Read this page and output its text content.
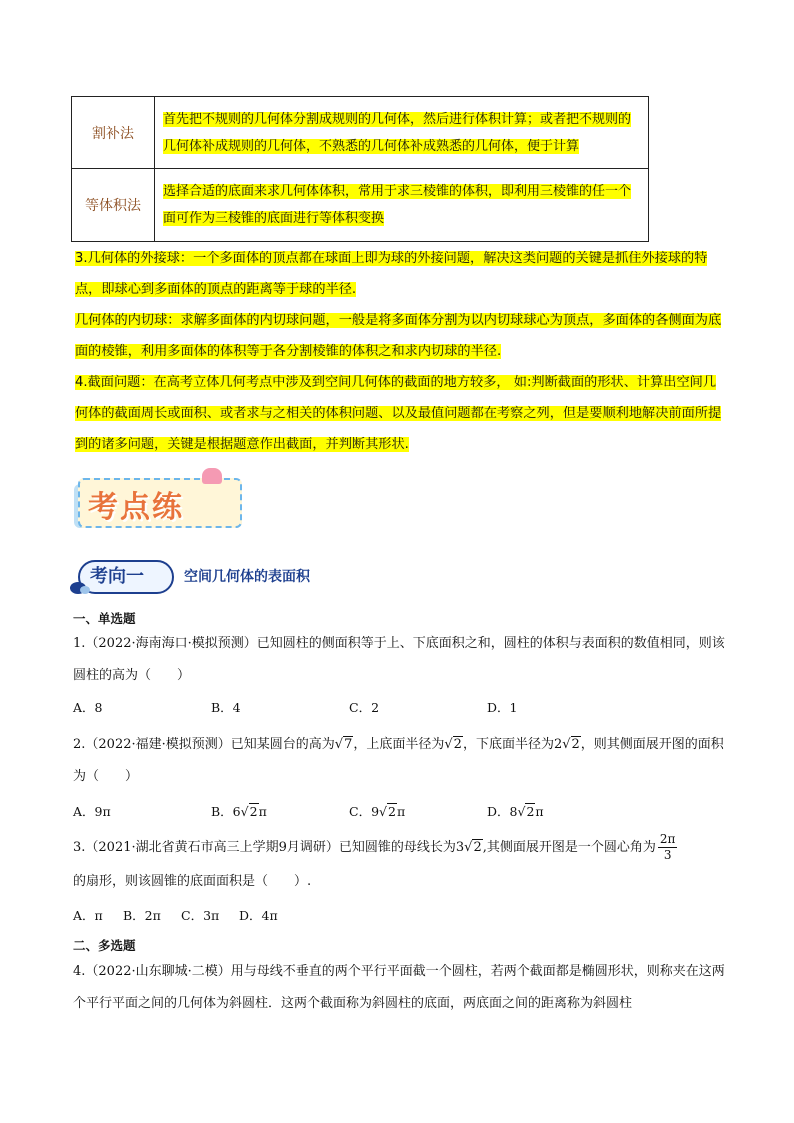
割补法	首先把不规则的几何体分割成规则的几何体，然后进行体积计算；或者把不规则的几何体补成规则的几何体，不熟悉的几何体补成熟悉的几何体，便于计算
等体积法	选择合适的底面来求几何体体积，常用于求三棱锥的体积，即利用三棱锥的任一个面可作为三棱锥的底面进行等体积变换
3.几何体的外接球：一个多面体的顶点都在球面上即为球的外接问题，解决这类问题的关键是抓住外接球的特点，即球心到多面体的顶点的距离等于球的半径.
几何体的内切球：求解多面体的内切球问题，一般是将多面体分割为以内切球球心为顶点，多面体的各侧面为底面的棱锥，利用多面体的体积等于各分割棱锥的体积之和求内切球的半径.
4.截面问题：在高考立体几何考点中涉及到空间几何体的截面的地方较多， 如:判断截面的形状、计算出空间几何体的截面周长或面积、或者求与之相关的体积问题、以及最值问题都在考察之列，但是要顺利地解决前面所提到的诸多问题，关键是根据题意作出截面，并判断其形状.
考点练
考向一	空间几何体的表面积
一、单选题
1.（2022·海南海口·模拟预测）已知圆柱的侧面积等于上、下底面积之和，圆柱的体积与表面积的数值相同，则该圆柱的高为（　　）
A．8	B．4	C．2	D．1
2.（2022·福建·模拟预测）已知某圆台的高为√7，上底面半径为√2，下底面半径为2√2，则其侧面展开图的面积为（　　）
A．9π	B．6√2π	C．9√2π	D．8√2π
3.（2021·湖北省黄石市高三上学期9月调研）已知圆锥的母线长为3√2,其侧面展开图是一个圆心角为 $\frac{2\pi}{3}$
的扇形，则该圆锥的底面面积是（　　）.
A．π B．2π C．3π D．4π
二、多选题
4.（2022·山东聊城·二模）用与母线不垂直的两个平行平面截一个圆柱，若两个截面都是椭圆形状，则称夹在这两个平行平面之间的几何体为斜圆柱．这两个截面称为斜圆柱的底面，两底面之间的距离称为斜圆柱
